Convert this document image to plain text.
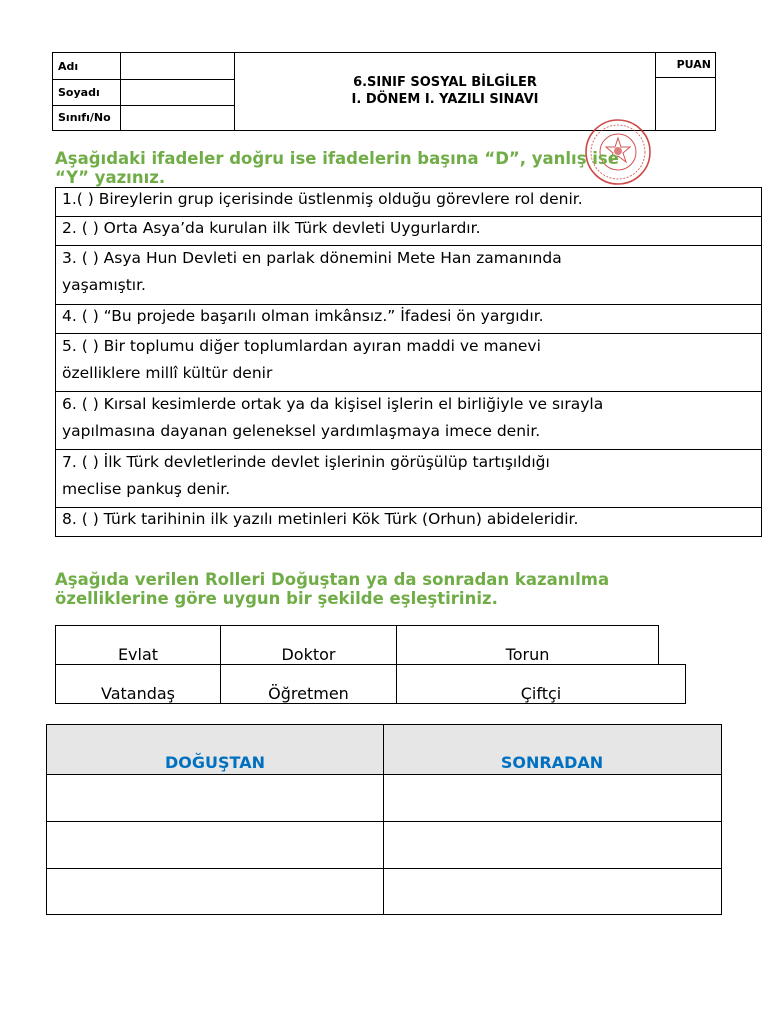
Adı
Soyadı
Sınıfı/No
6.SINIF SOSYAL BİLGİLER
I. DÖNEM I. YAZILI SINAVI
PUAN
Aşağıdaki ifadeler doğru ise ifadelerin başına “D”, yanlış ise
“Y” yazınız.
1.( ) Bireylerin grup içerisinde üstlenmiş olduğu görevlere rol denir.
2. ( ) Orta Asya’da kurulan ilk Türk devleti Uygurlardır.
3. ( ) Asya Hun Devleti en parlak dönemini Mete Han zamanında
yaşamıştır.
4. ( ) “Bu projede başarılı olman imkânsız.” İfadesi ön yargıdır.
5. ( ) Bir toplumu diğer toplumlardan ayıran maddi ve manevi
özelliklere millî kültür denir
6. ( ) Kırsal kesimlerde ortak ya da kişisel işlerin el birliğiyle ve sırayla
yapılmasına dayanan geleneksel yardımlaşmaya imece denir.
7. ( ) İlk Türk devletlerinde devlet işlerinin görüşülüp tartışıldığı
meclise pankuş denir.
8. ( ) Türk tarihinin ilk yazılı metinleri Kök Türk (Orhun) abideleridir.
Aşağıda verilen Rolleri Doğuştan ya da sonradan kazanılma
özelliklerine göre uygun bir şekilde eşleştiriniz.
Evlat	Doktor	Torun
Vatandaş	Öğretmen	Çiftçi
DOĞUŞTAN	SONRADAN
